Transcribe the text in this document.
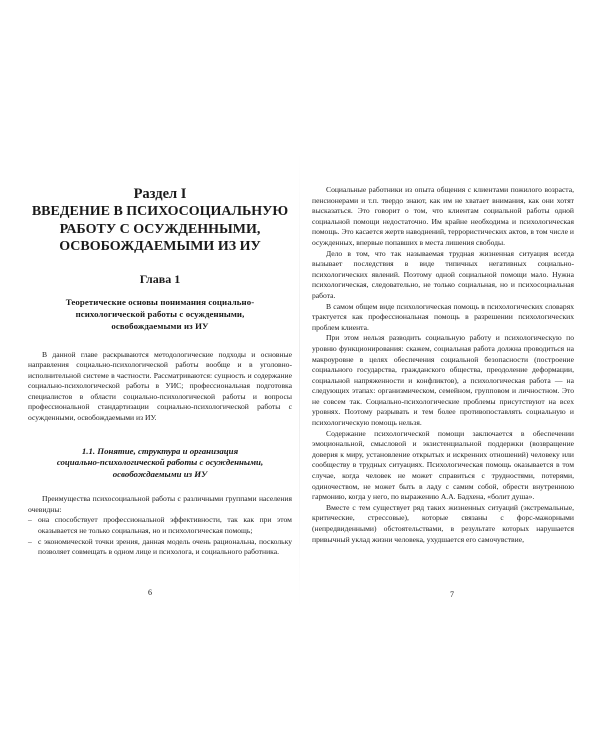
Раздел I

ВВЕДЕНИЕ В ПСИХОСОЦИАЛЬНУЮ

РАБОТУ С ОСУЖДЕННЫМИ,

ОСВОБОЖДАЕМЫМИ ИЗ ИУ

Глава 1
Теоретические основы понимания социально-
психологической работы с осужденными,
освобождаемыми из ИУ

В данной главе раскрываются методологические подходы и основные направления социально-психологической работы вообще и в уголовно-исполнительной системе в частности. Рассматриваются: сущность и содержание социально-психологической работы в УИС; профессиональная подготовка специалистов в области социально-психологической работы и вопросы профессиональной стандартизации социально-психологической работы с осужденными, освобождаемыми из ИУ.

1.1. Понятие, структура и организация
социально-психологической работы с осужденными,
освобождаемыми из ИУ

Преимущества психосоциальной работы с различными группами населения очевидны:

– она способствует профессиональной эффективности, так как при этом оказывается не только социальная, но и психологическая помощь;
– с экономической точки зрения, данная модель очень рациональна, поскольку позволяет совмещать в одном лице и психолога, и социального работника.
6

Социальные работники из опыта общения с клиентами пожилого возраста, пенсионерами и т.п. твердо знают, как им не хватает внимания, как они хотят высказаться. Это говорит о том, что клиентам социальной работы одной социальной помощи недостаточно. Им крайне необходима и психологическая помощь. Это касается жертв наводнений, террористических актов, в том числе и осужденных, впервые попавших в места лишения свободы.

Дело в том, что так называемая трудная жизненная ситуация всегда вызывает последствия в виде типичных негативных социально-психологических явлений. Поэтому одной социальной помощи мало. Нужна психологическая, следовательно, не только социальная, но и психосоциальная работа.

В самом общем виде психологическая помощь в психологических словарях трактуется как профессиональная помощь в разрешении психологических проблем клиента.

При этом нельзя разводить социальную работу и психологическую по уровню функционирования: скажем, социальная работа должна проводиться на макроуровне в целях обеспечения социальной безопасности (построение социального государства, гражданского общества, преодоление деформации, социальной напряженности и конфликтов), а психологическая работа — на следующих этапах: организмическом, семейном, групповом и личностном. Это не совсем так. Социально-психологические проблемы присутствуют на всех уровнях. Поэтому разрывать и тем более противопоставлять социальную и психологическую помощь нельзя.

Содержание психологической помощи заключается в обеспечении эмоциональной, смысловой и экзистенциальной поддержки (возвращение доверия к миру, установление открытых и искренних отношений) человеку или сообществу в трудных ситуациях. Психологическая помощь оказывается в том случае, когда человек не может справиться с трудностями, потерями, одиночеством, не может быть в ладу с самим собой, обрести внутреннюю гармонию, когда у него, по выражению А.А. Бадхена, «болит душа».

Вместе с тем существует ряд таких жизненных ситуаций (экстремальные, критические, стрессовые), которые связаны с форс-мажорными (непредвиденными) обстоятельствами, в результате которых нарушается привычный уклад жизни человека, ухудшается его самочувствие,

7
